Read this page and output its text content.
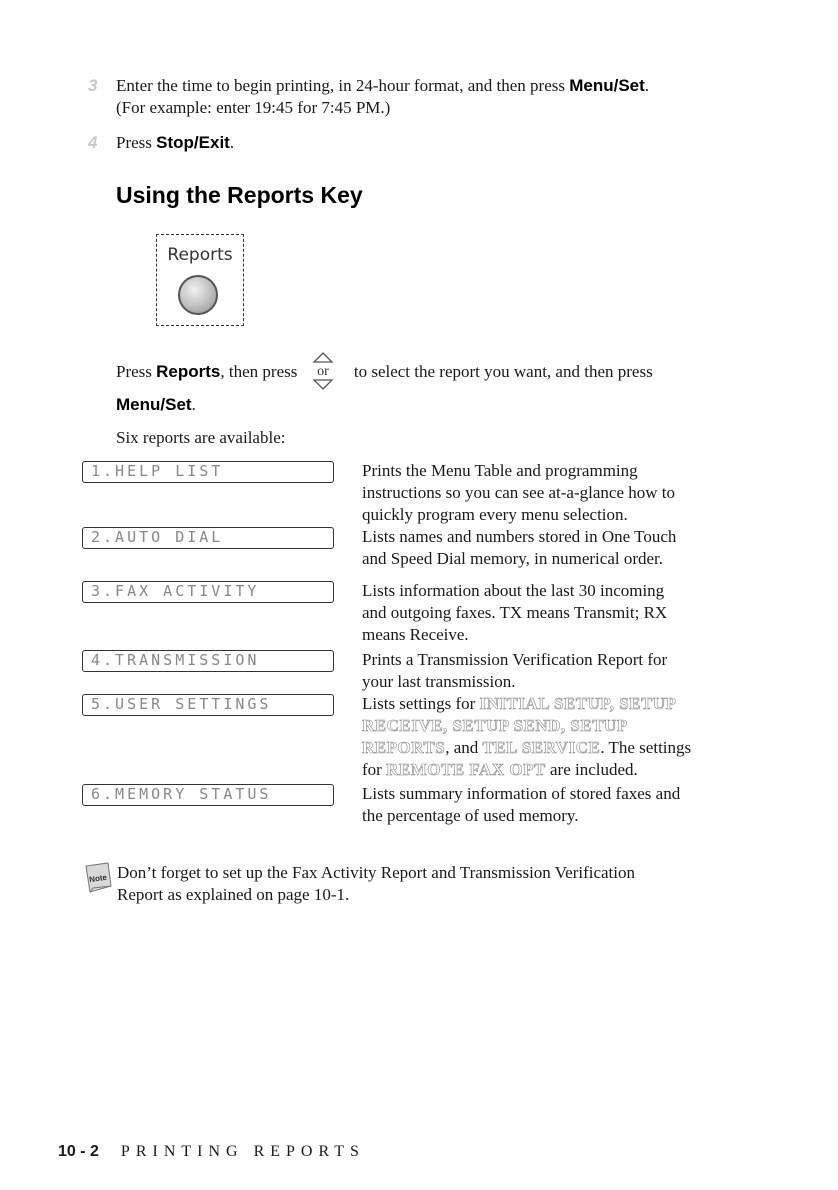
3	Enter the time to begin printing, in 24-hour format, and then press Menu/Set.
(For example: enter 19:45 for 7:45 PM.)
4	Press Stop/Exit.
Using the Reports Key
Reports
Press Reports, then press	to select the report you want, and then press
or
Menu/Set.
Six reports are available:
1.HELP LIST	Prints the Menu Table and programming
instructions so you can see at-a-glance how to
quickly program every menu selection.
2.AUTO DIAL	Lists names and numbers stored in One Touch
and Speed Dial memory, in numerical order.
3.FAX ACTIVITY	Lists information about the last 30 incoming
and outgoing faxes. TX means Transmit; RX
means Receive.
4.TRANSMISSION	Prints a Transmission Verification Report for
your last transmission.
5.USER SETTINGS	Lists settings for INITIAL SETUP, SETUP
RECEIVE, SETUP SEND, SETUP
REPORTS, and TEL SERVICE. The settings
for REMOTE FAX OPT are included.
6.MEMORY STATUS	Lists summary information of stored faxes and
the percentage of used memory.
Note Don’t forget to set up the Fax Activity Report and Transmission Verification
Report as explained on page 10-1.
10 - 2 PRINTING REPORTS
